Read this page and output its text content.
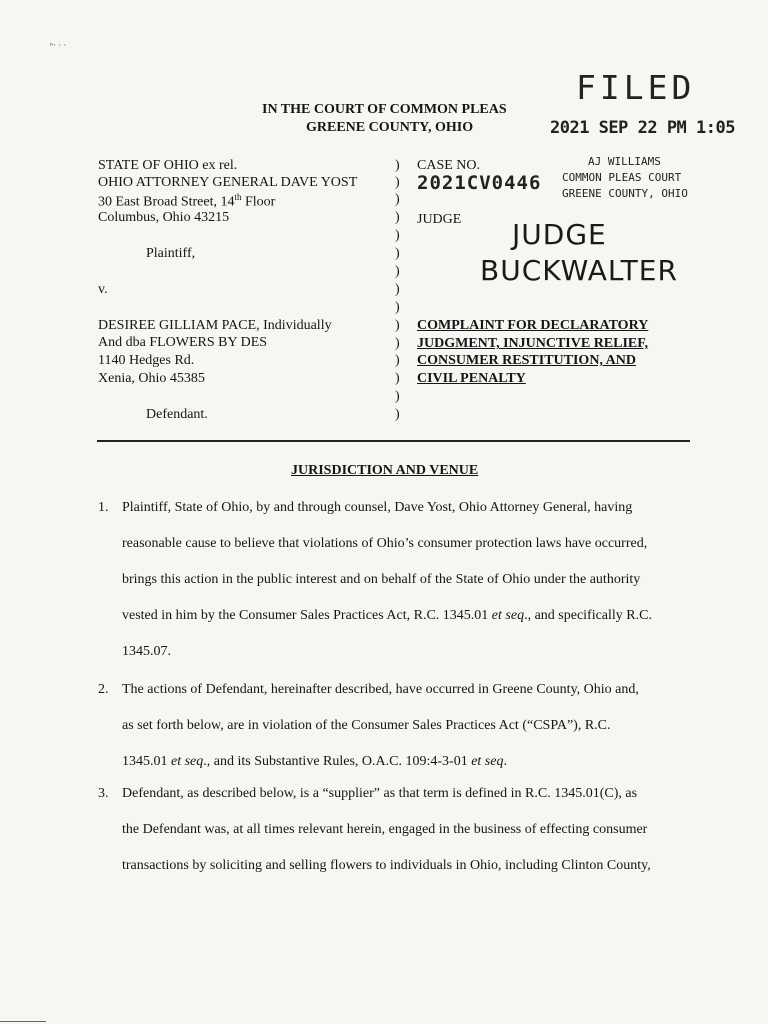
ⁿ· · ·
IN THE COURT OF COMMON PLEAS
GREENE COUNTY, OHIO
FILED
2021 SEP 22 PM 1:05
AJ WILLIAMS
COMMON PLEAS COURT
GREENE COUNTY, OHIO
STATE OF OHIO ex rel.
OHIO ATTORNEY GENERAL DAVE YOST
30 East Broad Street, 14th Floor
Columbus, Ohio 43215
Plaintiff,
v.
DESIREE GILLIAM PACE, Individually
And dba FLOWERS BY DES
1140 Hedges Rd.
Xenia, Ohio 45385
Defendant.
)
)
)
)
)
)
)
)
)
)
)
)
)
)
)
CASE NO.
2021CV0446
JUDGE JUDGE
BUCKWALTER
COMPLAINT FOR DECLARATORY
JUDGMENT, INJUNCTIVE RELIEF,
CONSUMER RESTITUTION, AND
CIVIL PENALTY
JURISDICTION AND VENUE
1. Plaintiff, State of Ohio, by and through counsel, Dave Yost, Ohio Attorney General, having
reasonable cause to believe that violations of Ohio’s consumer protection laws have occurred,
brings this action in the public interest and on behalf of the State of Ohio under the authority
vested in him by the Consumer Sales Practices Act, R.C. 1345.01 et seq., and specifically R.C.
1345.07.
2. The actions of Defendant, hereinafter described, have occurred in Greene County, Ohio and,
as set forth below, are in violation of the Consumer Sales Practices Act (“CSPA”), R.C.
1345.01 et seq., and its Substantive Rules, O.A.C. 109:4-3-01 et seq.
3. Defendant, as described below, is a “supplier” as that term is defined in R.C. 1345.01(C), as
the Defendant was, at all times relevant herein, engaged in the business of effecting consumer
transactions by soliciting and selling flowers to individuals in Ohio, including Clinton County,
